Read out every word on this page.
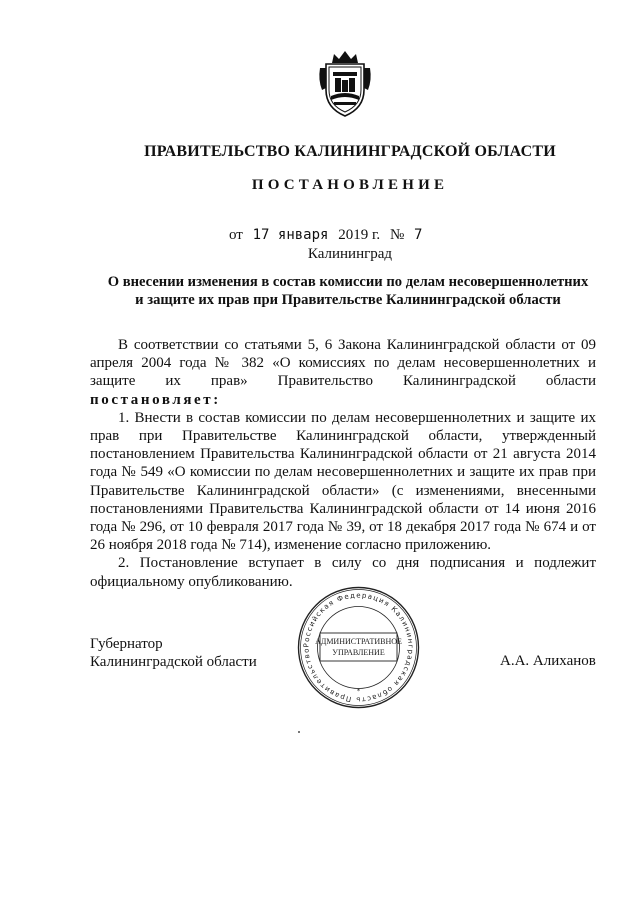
ПРАВИТЕЛЬСТВО КАЛИНИНГРАДСКОЙ ОБЛАСТИ
ПОСТАНОВЛЕНИЕ
от 17 января 2019 г. № 7
Калининград
О внесении изменения в состав комиссии по делам несовершеннолетних
и защите их прав при Правительстве Калининградской области

В соответствии со статьями 5, 6 Закона Калининградской области от 09 апреля 2004 года № 382 «О комиссиях по делам несовершеннолетних и защите их прав» Правительство Калининградской области постановляет:

1. Внести в состав комиссии по делам несовершеннолетних и защите их прав при Правительстве Калининградской области, утвержденный постановлением Правительства Калининградской области от 21 августа 2014 года № 549 «О комиссии по делам несовершеннолетних и защите их прав при Правительстве Калининградской области» (с изменениями, внесенными постановлениями Правительства Калининградской области от 14 июня 2016 года № 296, от 10 февраля 2017 года № 39, от 18 декабря 2017 года № 674 и от 26 ноября 2018 года № 714), изменение согласно приложению.

2. Постановление вступает в силу со дня подписания и подлежит официальному опубликованию.

Губернатор
Калининградской области	А.А. Алиханов
Российская Федерация Калининградская область Правительство
АДМИНИСТРАТИВНОЕ
УПРАВЛЕНИЕ
*
